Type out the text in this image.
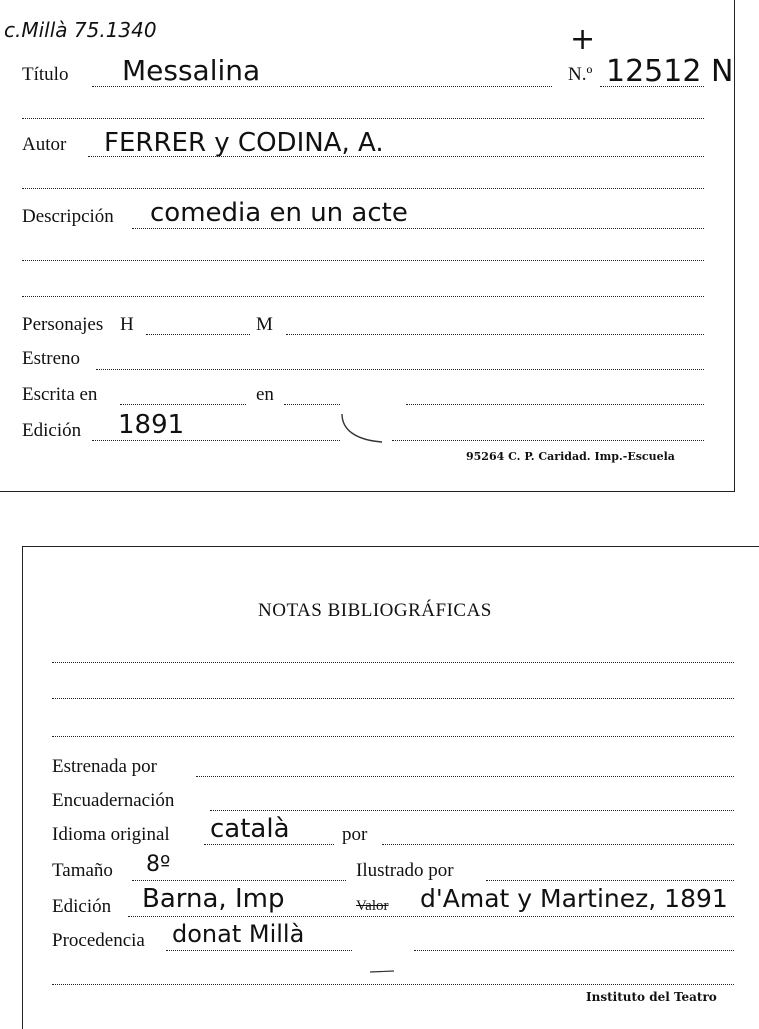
c.Millà 75.1340	+
Título Messalina	N.º 12512 N
Autor FERRER y CODINA, A.
Descripción comedia en un acte
Personajes H	M
Estreno
Escrita en	en
Edición 1891
95264 C. P. Caridad. Imp.-Escuela
NOTAS BIBLIOGRÁFICAS
Estrenada por
Encuadernación
Idioma original català	por
Tamaño 8º	Ilustrado por
Edición Barna, Imp	Valor d'Amat y Martinez, 1891
Procedencia donat Millà
Instituto del Teatro
